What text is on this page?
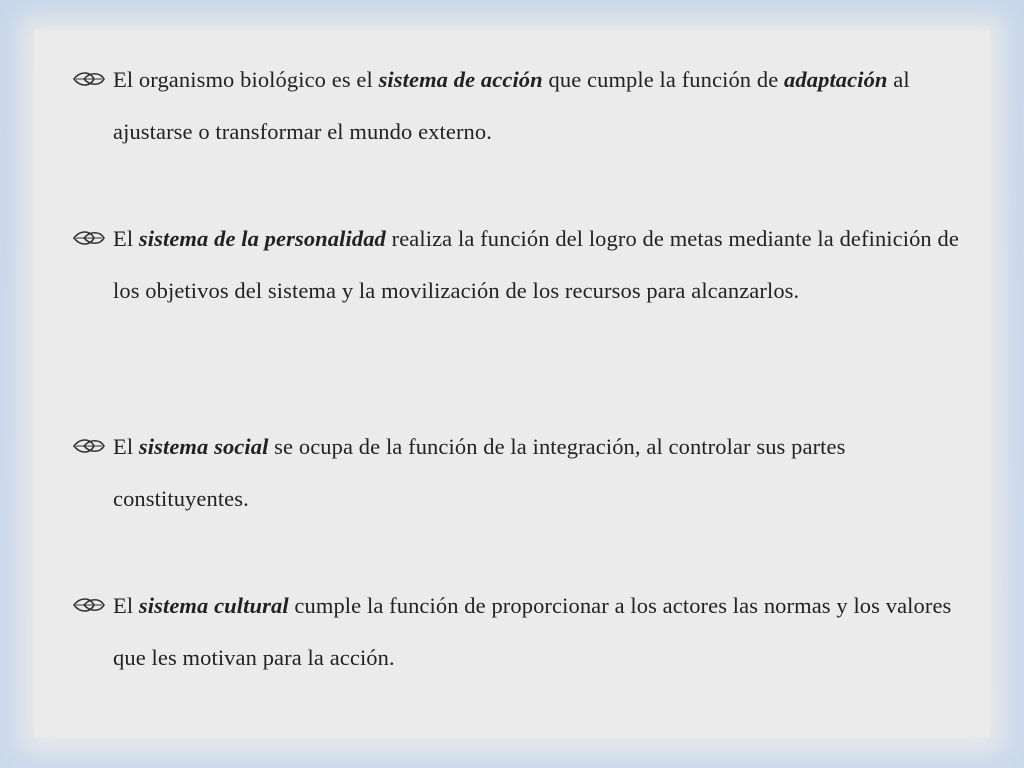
El organismo biológico es el sistema de acción que cumple la función de adaptación al ajustarse o transformar el mundo externo.

El sistema de la personalidad realiza la función del logro de metas mediante la definición de los objetivos del sistema y la movilización de los recursos para alcanzarlos.

El sistema social se ocupa de la función de la integración, al controlar sus partes constituyentes.

El sistema cultural cumple la función de proporcionar a los actores las normas y los valores que les motivan para la acción.
